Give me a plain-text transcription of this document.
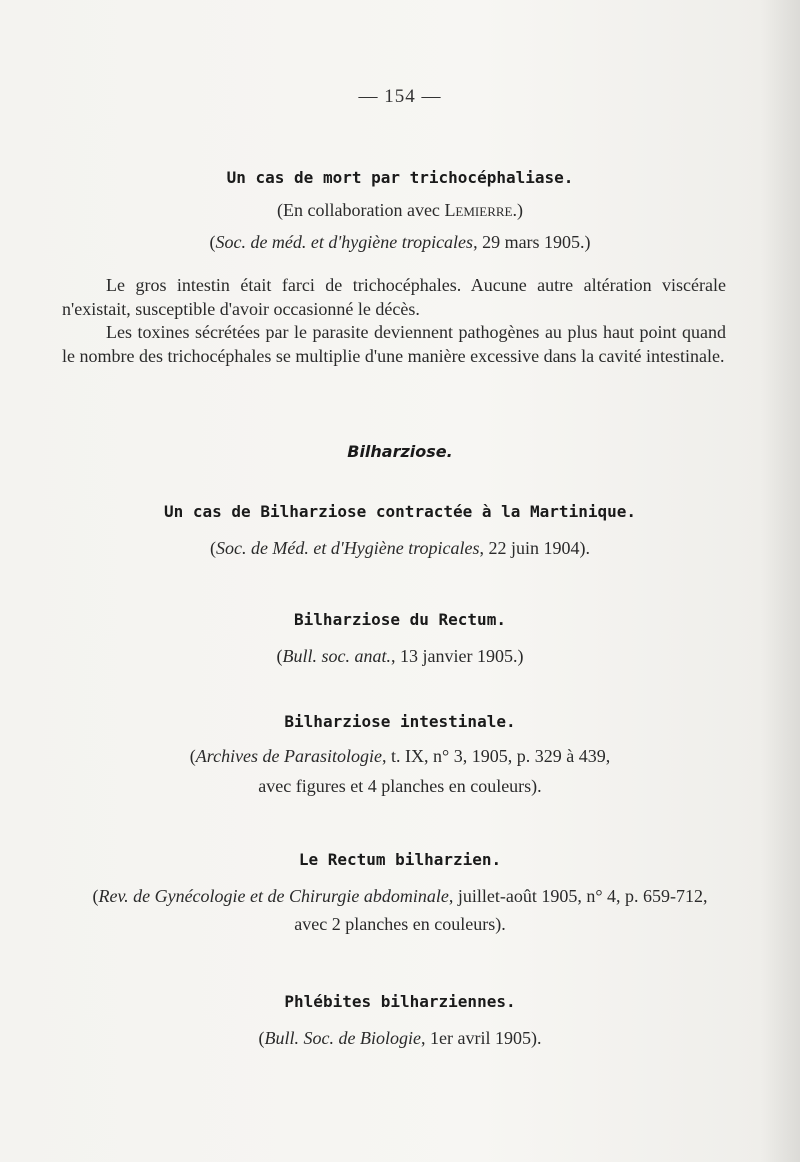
— 154 —
Un cas de mort par trichocéphaliase.
(En collaboration avec Lemierre.)
(Soc. de méd. et d'hygiène tropicales, 29 mars 1905.)

Le gros intestin était farci de trichocéphales. Aucune autre altération viscérale n'existait, susceptible d'avoir occasionné le décès.

Les toxines sécrétées par le parasite deviennent pathogènes au plus haut point quand le nombre des trichocéphales se multiplie d'une manière excessive dans la cavité intestinale.

Bilharziose.
Un cas de Bilharziose contractée à la Martinique.
(Soc. de Méd. et d'Hygiène tropicales, 22 juin 1904).
Bilharziose du Rectum.
(Bull. soc. anat., 13 janvier 1905.)
Bilharziose intestinale.
(Archives de Parasitologie, t. IX, n° 3, 1905, p. 329 à 439,
avec figures et 4 planches en couleurs).
Le Rectum bilharzien.
(Rev. de Gynécologie et de Chirurgie abdominale, juillet-août 1905, n° 4, p. 659-712,
avec 2 planches en couleurs).
Phlébites bilharziennes.
(Bull. Soc. de Biologie, 1er avril 1905).
